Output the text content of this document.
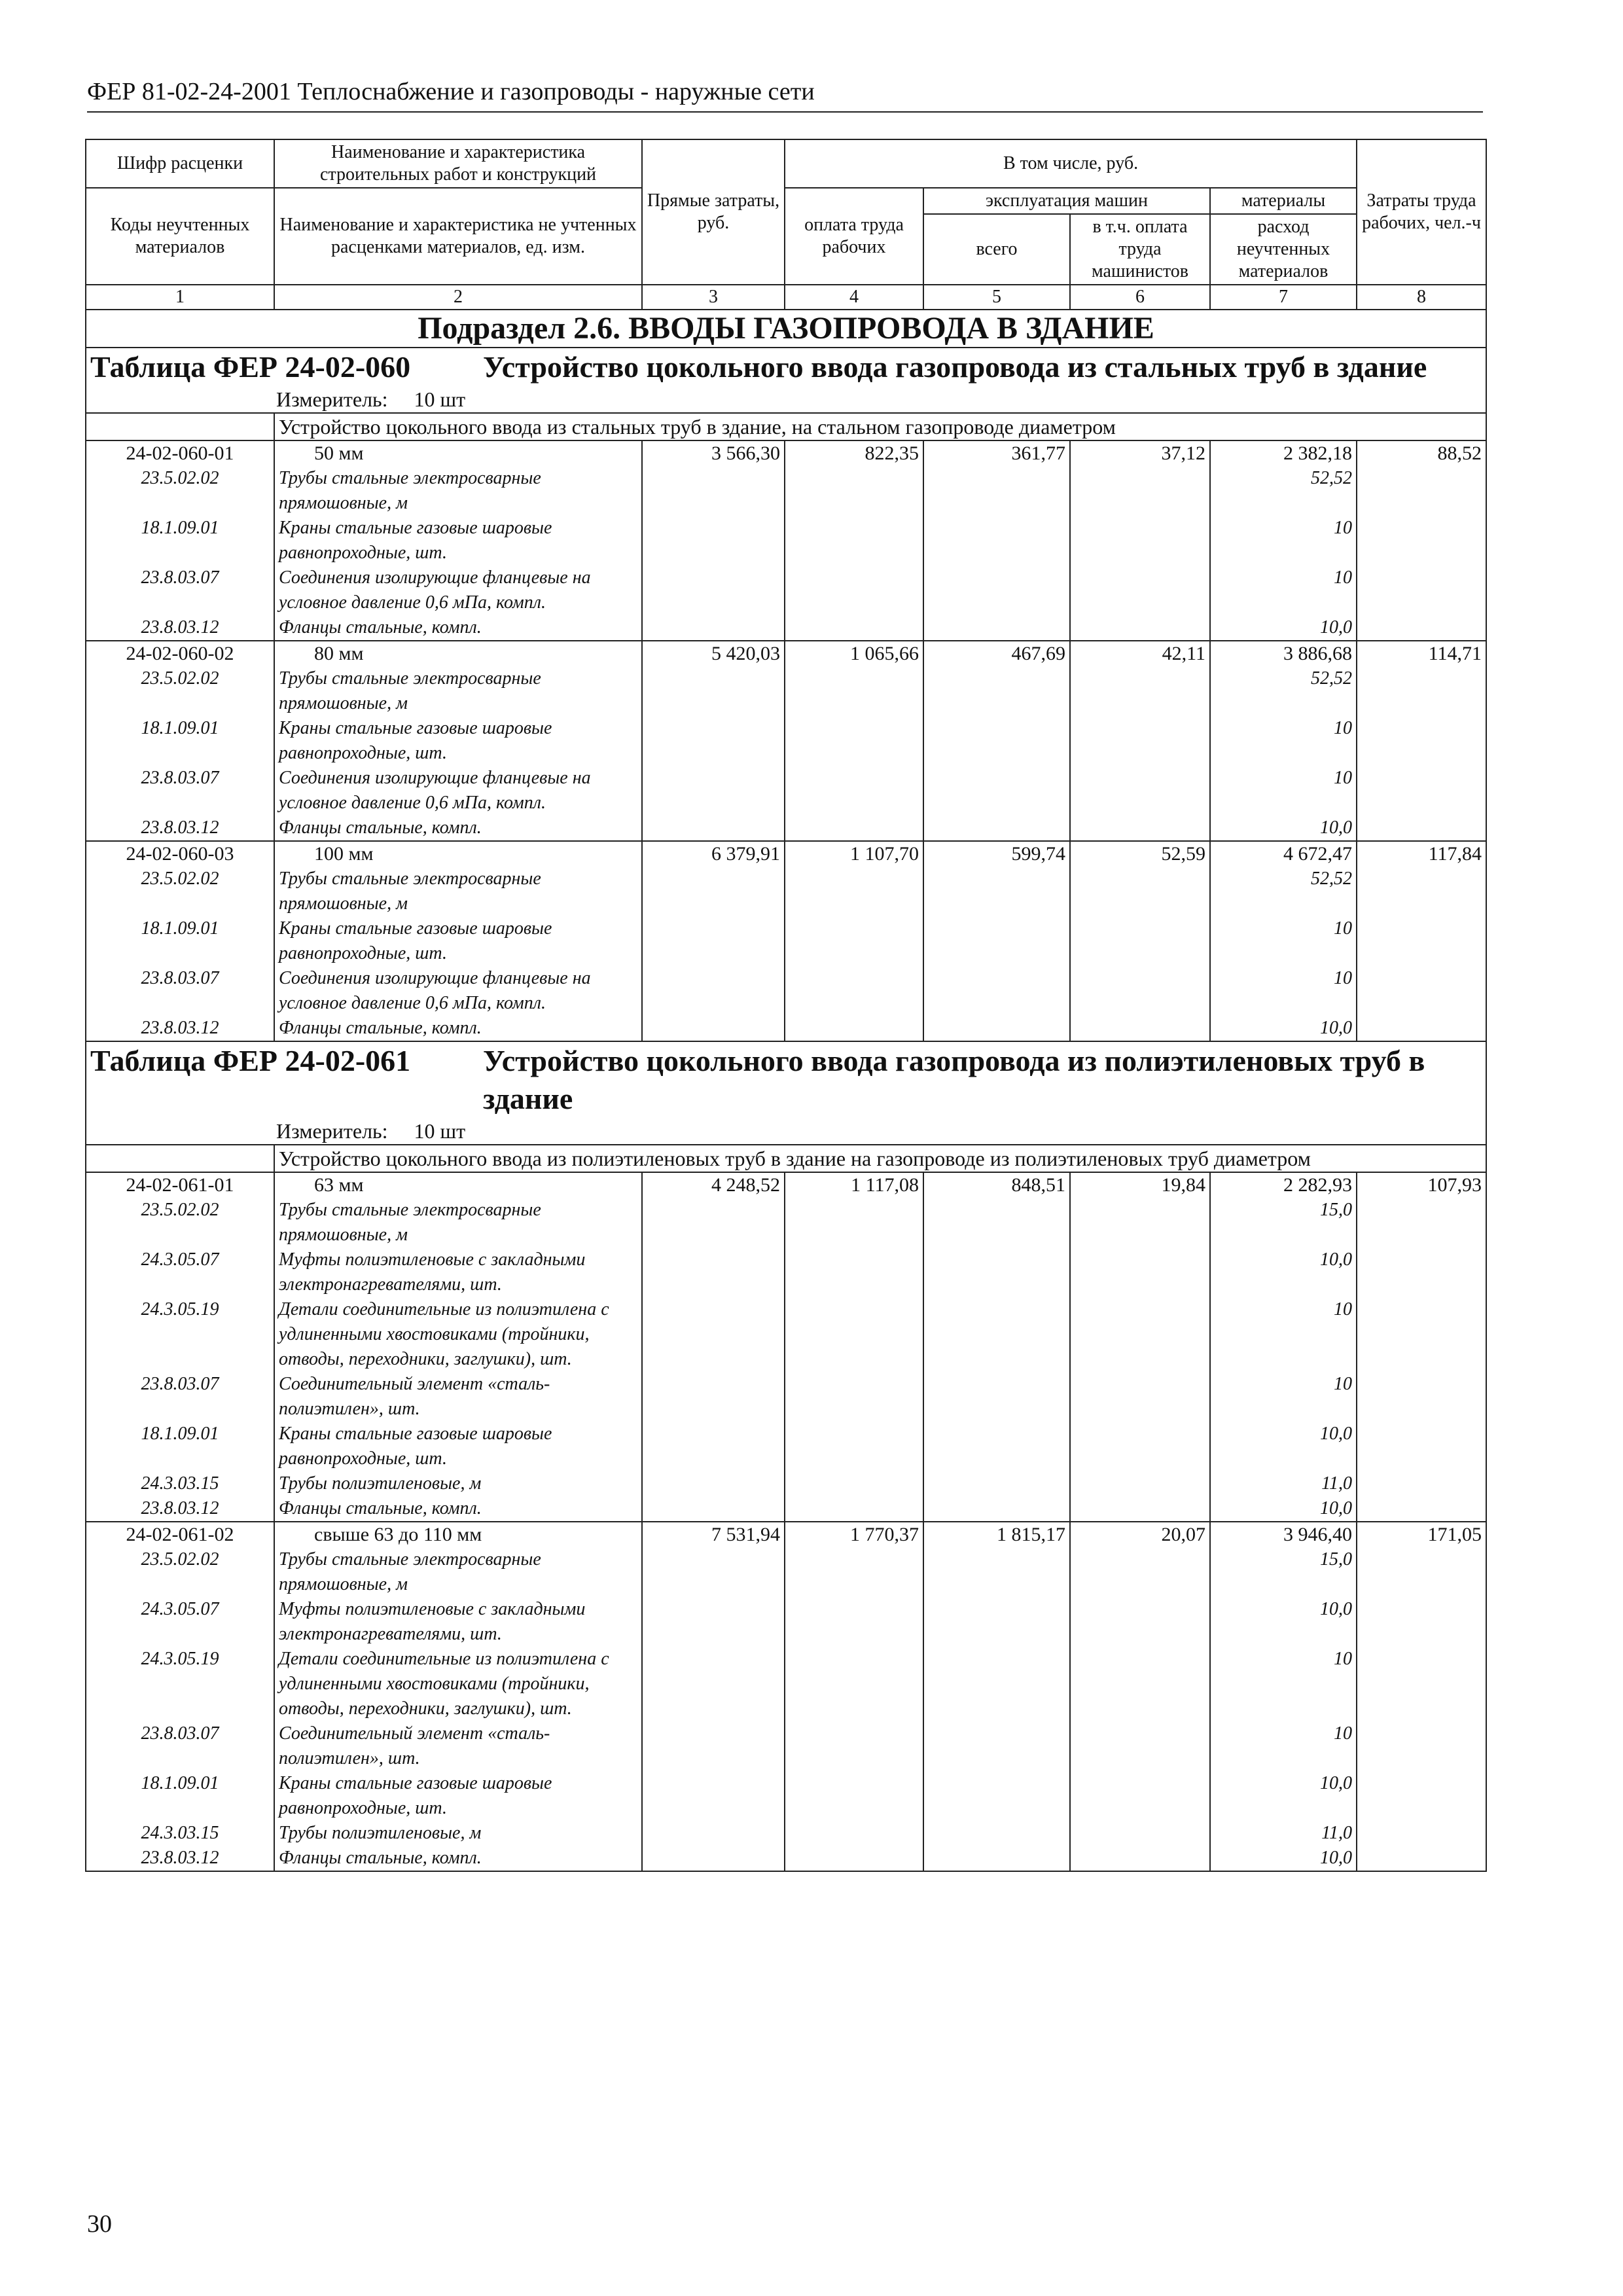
ФЕР 81-02-24-2001 Теплоснабжение и газопроводы - наружные сети
Шифр расценки	Наименование и характеристика строительных работ и конструкций	Прямые затраты, руб.	В том числе, руб.				Затраты труда рабочих, чел.-ч
Коды неучтенных материалов	Наименование и характеристика не учтенных расценками материалов, ед. изм.		оплата труда рабочих	эксплуатация машин		материалы	
				всего	в т.ч. оплата труда машинистов	расход неучтенных материалов	
1	2	3	4	5	6	7	8
Подраздел 2.6. ВВОДЫ ГАЗОПРОВОДА В ЗДАНИЕ							
Таблица ФЕР 24-02-060 Устройство цокольного ввода газопровода из стальных труб в здание							
Измеритель: 10 шт							
	Устройство цокольного ввода из стальных труб в здание, на стальном газопроводе диаметром						
24-02-060-01	50 мм	3 566,30	822,35	361,77	37,12	2 382,18	88,52
23.5.02.02	Трубы стальные электросварные прямошовные, м					52,52	
18.1.09.01	Краны стальные газовые шаровые равнопроходные, шт.					10	
23.8.03.07	Соединения изолирующие фланцевые на условное давление 0,6 мПа, компл.					10	
23.8.03.12	Фланцы стальные, компл.					10,0	
24-02-060-02	80 мм	5 420,03	1 065,66	467,69	42,11	3 886,68	114,71
23.5.02.02	Трубы стальные электросварные прямошовные, м					52,52	
18.1.09.01	Краны стальные газовые шаровые равнопроходные, шт.					10	
23.8.03.07	Соединения изолирующие фланцевые на условное давление 0,6 мПа, компл.					10	
23.8.03.12	Фланцы стальные, компл.					10,0	
24-02-060-03	100 мм	6 379,91	1 107,70	599,74	52,59	4 672,47	117,84
23.5.02.02	Трубы стальные электросварные прямошовные, м					52,52	
18.1.09.01	Краны стальные газовые шаровые равнопроходные, шт.					10	
23.8.03.07	Соединения изолирующие фланцевые на условное давление 0,6 мПа, компл.					10	
23.8.03.12	Фланцы стальные, компл.					10,0	
Таблица ФЕР 24-02-061 Устройство цокольного ввода газопровода из полиэтиленовых труб в здание							
Измеритель: 10 шт							
	Устройство цокольного ввода из полиэтиленовых труб в здание на газопроводе из полиэтиленовых труб диаметром						
24-02-061-01	63 мм	4 248,52	1 117,08	848,51	19,84	2 282,93	107,93
23.5.02.02	Трубы стальные электросварные прямошовные, м					15,0	
24.3.05.07	Муфты полиэтиленовые с закладными электронагревателями, шт.					10,0	
24.3.05.19	Детали соединительные из полиэтилена с удлиненными хвостовиками (тройники, отводы, переходники, заглушки), шт.					10	
23.8.03.07	Соединительный элемент «сталь-полиэтилен», шт.					10	
18.1.09.01	Краны стальные газовые шаровые равнопроходные, шт.					10,0	
24.3.03.15	Трубы полиэтиленовые, м					11,0	
23.8.03.12	Фланцы стальные, компл.					10,0	
24-02-061-02	свыше 63 до 110 мм	7 531,94	1 770,37	1 815,17	20,07	3 946,40	171,05
23.5.02.02	Трубы стальные электросварные прямошовные, м					15,0	
24.3.05.07	Муфты полиэтиленовые с закладными электронагревателями, шт.					10,0	
24.3.05.19	Детали соединительные из полиэтилена с удлиненными хвостовиками (тройники, отводы, переходники, заглушки), шт.					10	
23.8.03.07	Соединительный элемент «сталь-полиэтилен», шт.					10	
18.1.09.01	Краны стальные газовые шаровые равнопроходные, шт.					10,0	
24.3.03.15	Трубы полиэтиленовые, м					11,0	
23.8.03.12	Фланцы стальные, компл.					10,0	
30
